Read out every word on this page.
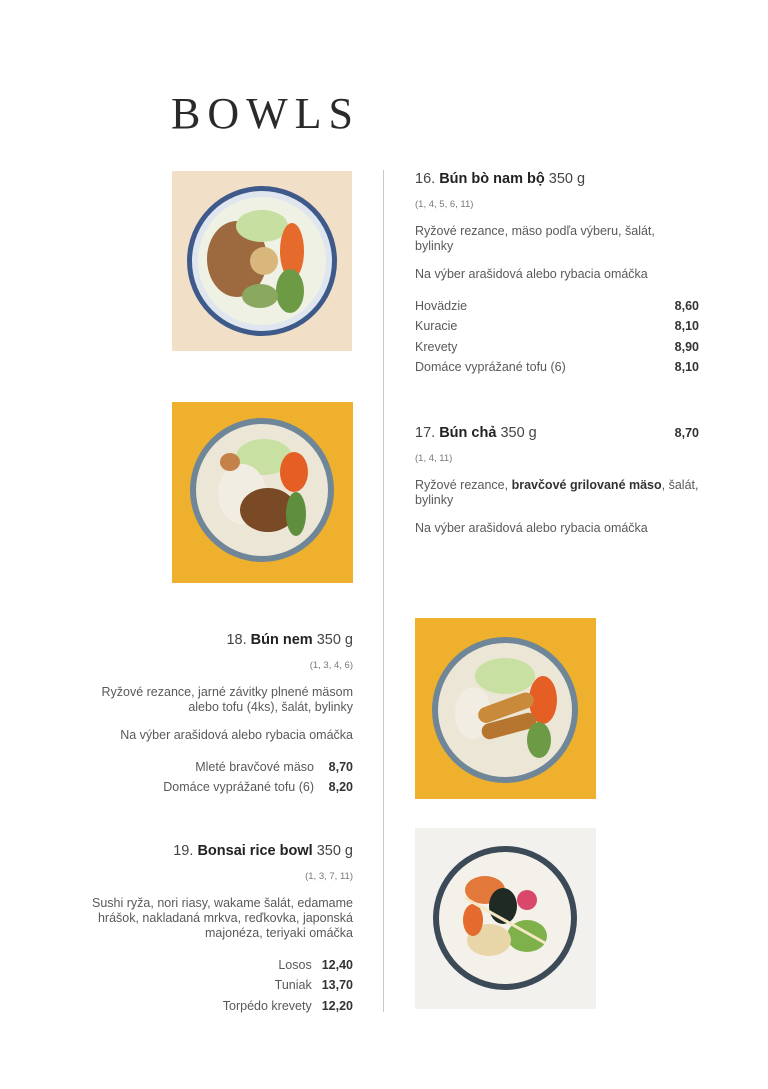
BOWLS
16. Bún bò nam bộ 350 g
(1, 4, 5, 6, 11)
Ryžové rezance, mäso podľa výberu, šalát,
bylinky
Na výber arašidová alebo rybacia omáčka
Hovädzie	8,60
Kuracie	8,10
Krevety	8,90
Domáce vyprážané tofu (6)	8,10
17. Bún chả 350 g	8,70
(1, 4, 11)
Ryžové rezance, bravčové grilované mäso, šalát,
bylinky
Na výber arašidová alebo rybacia omáčka
18. Bún nem 350 g
(1, 3, 4, 6)
Ryžové rezance, jarné závitky plnené mäsom
alebo tofu (4ks), šalát, bylinky
Na výber arašidová alebo rybacia omáčka
Mleté bravčové mäso	8,70
Domáce vyprážané tofu (6)	8,20
19. Bonsai rice bowl 350 g
(1, 3, 7, 11)
Sushi ryža, nori riasy, wakame šalát, edamame
hrášok, nakladaná mrkva, reďkovka, japonská
majonéza, teriyaki omáčka
Losos 12,40
Tuniak 13,70
Torpédo krevety 12,20
